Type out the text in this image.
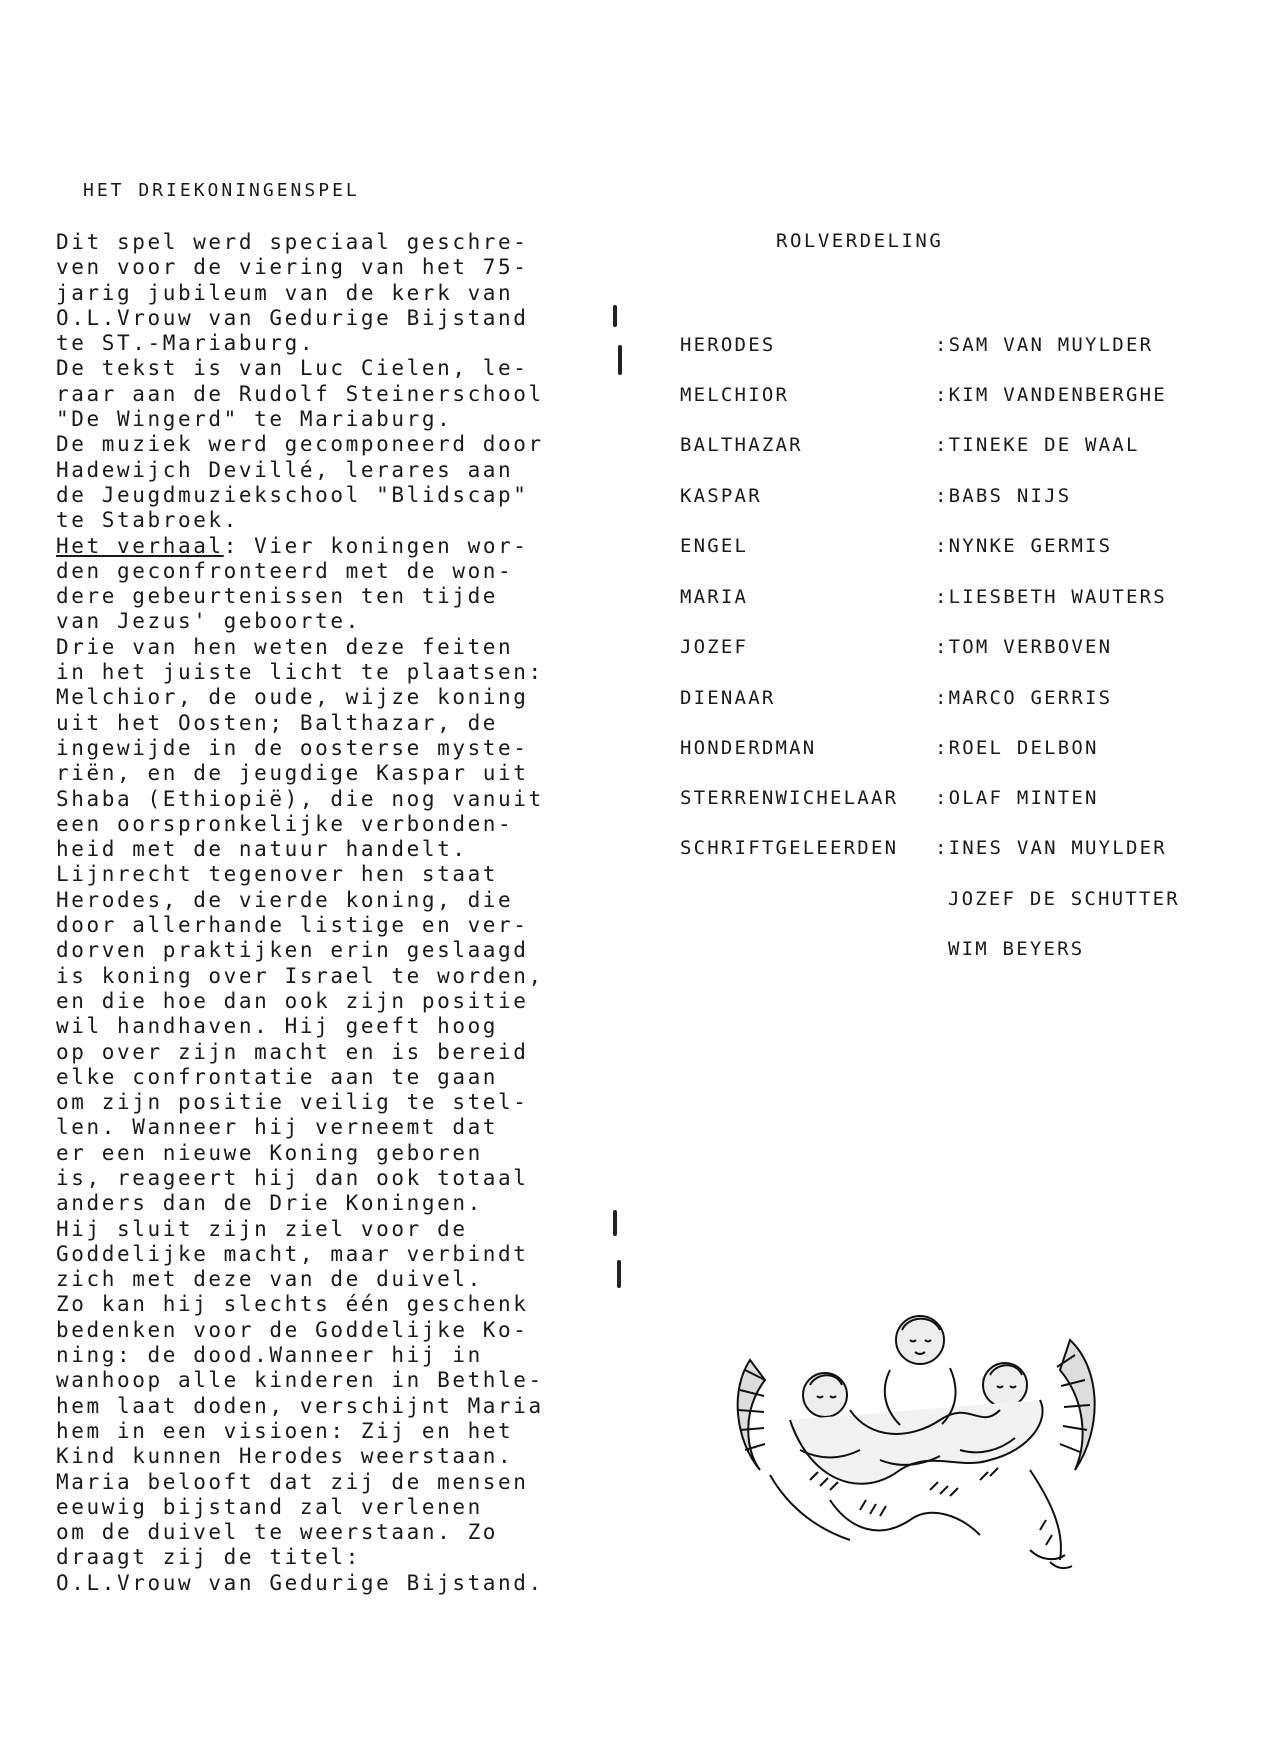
HET DRIEKONINGENSPEL
Dit spel werd speciaal geschre-
ven voor de viering van het 75-
jarig jubileum van de kerk van
O.L.Vrouw van Gedurige Bijstand
te ST.-Mariaburg.
De tekst is van Luc Cielen, le-
raar aan de Rudolf Steinerschool
"De Wingerd" te Mariaburg.
De muziek werd gecomponeerd door
Hadewijch Devillé, lerares aan
de Jeugdmuziekschool "Blidscap"
te Stabroek.
Het verhaal: Vier koningen wor-
den geconfronteerd met de won-
dere gebeurtenissen ten tijde
van Jezus' geboorte.
Drie van hen weten deze feiten
in het juiste licht te plaatsen:
Melchior, de oude, wijze koning
uit het Oosten; Balthazar, de
ingewijde in de oosterse myste-
riën, en de jeugdige Kaspar uit
Shaba (Ethiopië), die nog vanuit
een oorspronkelijke verbonden-
heid met de natuur handelt.
Lijnrecht tegenover hen staat
Herodes, de vierde koning, die
door allerhande listige en ver-
dorven praktijken erin geslaagd
is koning over Israel te worden,
en die hoe dan ook zijn positie
wil handhaven. Hij geeft hoog
op over zijn macht en is bereid
elke confrontatie aan te gaan
om zijn positie veilig te stel-
len. Wanneer hij verneemt dat
er een nieuwe Koning geboren
is, reageert hij dan ook totaal
anders dan de Drie Koningen.
Hij sluit zijn ziel voor de
Goddelijke macht, maar verbindt
zich met deze van de duivel.
Zo kan hij slechts één geschenk
bedenken voor de Goddelijke Ko-
ning: de dood.Wanneer hij in
wanhoop alle kinderen in Bethle-
hem laat doden, verschijnt Maria
hem in een visioen: Zij en het
Kind kunnen Herodes weerstaan.
Maria belooft dat zij de mensen
eeuwig bijstand zal verlenen
om de duivel te weerstaan. Zo
draagt zij de titel:
O.L.Vrouw van Gedurige Bijstand.
ROLVERDELING
HERODES	:SAM VAN MUYLDER
MELCHIOR	:KIM VANDENBERGHE
BALTHAZAR	:TINEKE DE WAAL
KASPAR	:BABS NIJS
ENGEL	:NYNKE GERMIS
MARIA	:LIESBETH WAUTERS
JOZEF	:TOM VERBOVEN
DIENAAR	:MARCO GERRIS
HONDERDMAN	:ROEL DELBON
STERRENWICHELAAR :OLAF MINTEN
SCHRIFTGELEERDEN :INES VAN MUYLDER
JOZEF DE SCHUTTER
WIM BEYERS
